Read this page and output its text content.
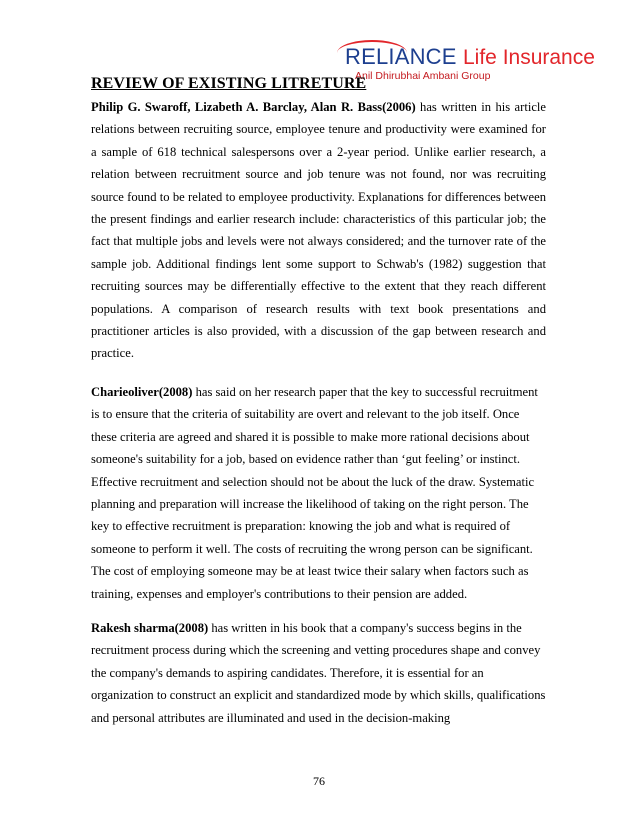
RELIANCE Life Insurance
Anil Dhirubhai Ambani Group
REVIEW OF EXISTING LITRETURE

Philip G. Swaroff, Lizabeth A. Barclay, Alan R. Bass(2006) has written in his article relations between recruiting source, employee tenure and productivity were examined for a sample of 618 technical salespersons over a 2-year period. Unlike earlier research, a relation between recruitment source and job tenure was not found, nor was recruiting source found to be related to employee productivity. Explanations for differences between the present findings and earlier research include: characteristics of this particular job; the fact that multiple jobs and levels were not always considered; and the turnover rate of the sample job. Additional findings lent some support to Schwab's (1982) suggestion that recruiting sources may be differentially effective to the extent that they reach different populations. A comparison of research results with text book presentations and practitioner articles is also provided, with a discussion of the gap between research and practice.

Charieoliver(2008) has said on her research paper that the key to successful recruitment is to ensure that the criteria of suitability are overt and relevant to the job itself. Once these criteria are agreed and shared it is possible to make more rational decisions about someone's suitability for a job, based on evidence rather than ‘gut feeling’ or instinct. Effective recruitment and selection should not be about the luck of the draw. Systematic planning and preparation will increase the likelihood of taking on the right person. The key to effective recruitment is preparation: knowing the job and what is required of someone to perform it well. The costs of recruiting the wrong person can be significant. The cost of employing someone may be at least twice their salary when factors such as training, expenses and employer's contributions to their pension are added.

Rakesh sharma(2008) has written in his book that a company's success begins in the recruitment process during which the screening and vetting procedures shape and convey the company's demands to aspiring candidates. Therefore, it is essential for an organization to construct an explicit and standardized mode by which skills, qualifications and personal attributes are illuminated and used in the decision-making

76
